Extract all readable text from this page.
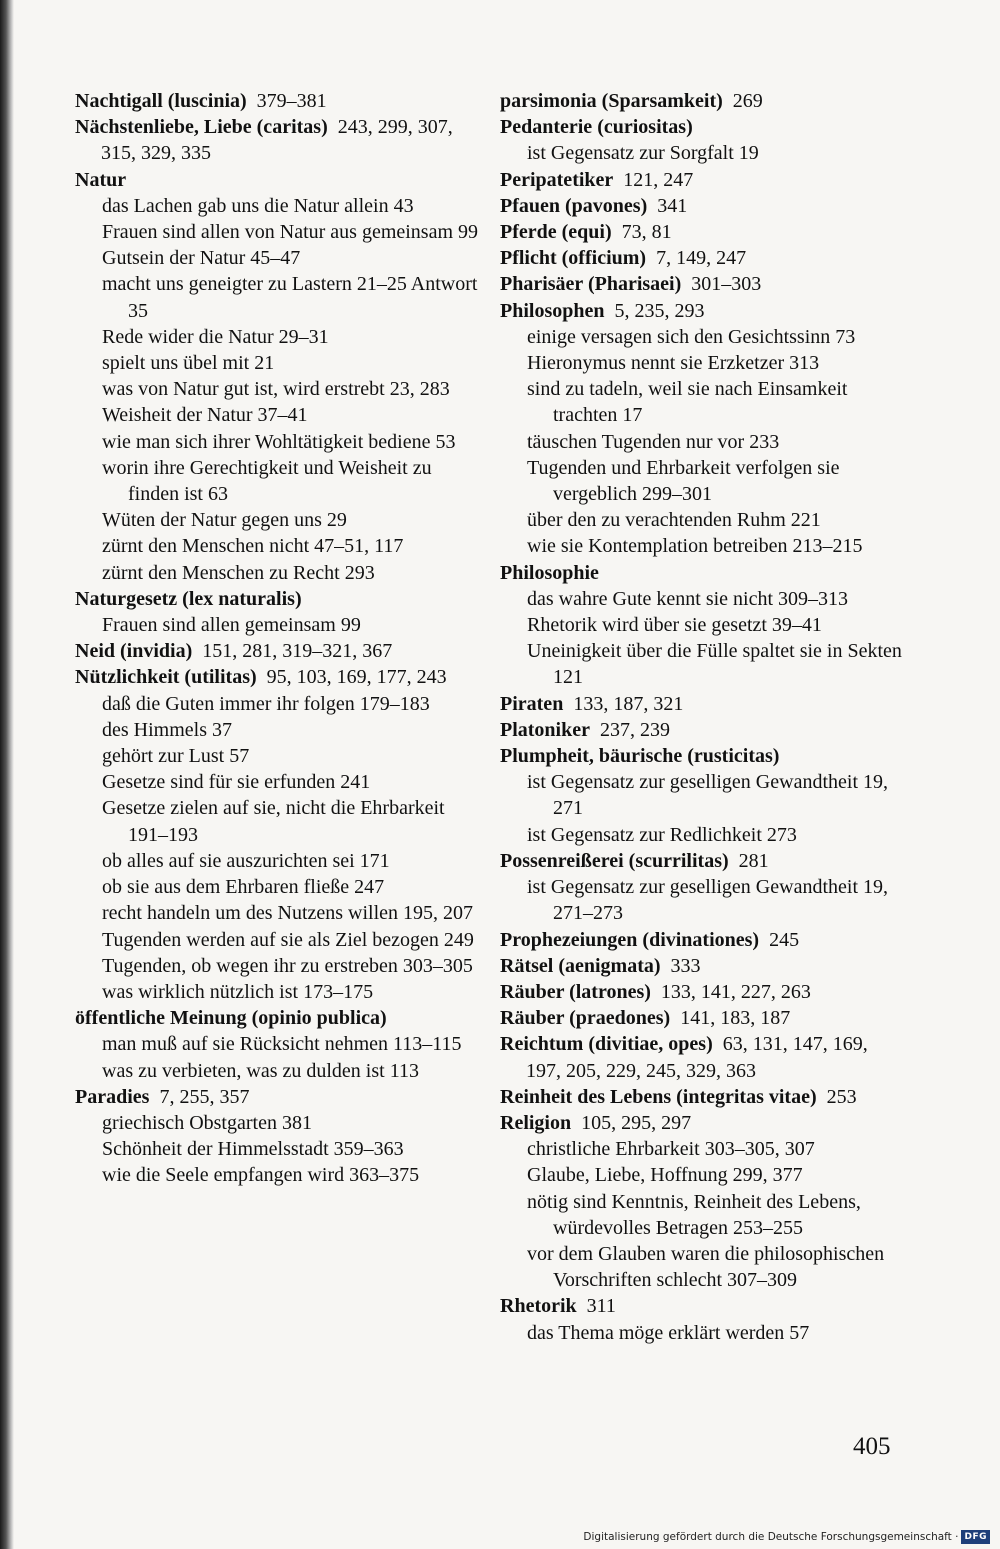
Nachtigall (luscinia) 379–381

Nächstenliebe, Liebe (caritas) 243, 299, 307, 315, 329, 335

Natur

das Lachen gab uns die Natur allein 43

Frauen sind allen von Natur aus gemeinsam 99

Gutsein der Natur 45–47

macht uns geneigter zu Lastern 21–25 Antwort 35

Rede wider die Natur 29–31

spielt uns übel mit 21

was von Natur gut ist, wird erstrebt 23, 283

Weisheit der Natur 37–41

wie man sich ihrer Wohltätigkeit bediene 53

worin ihre Gerechtigkeit und Weisheit zu finden ist 63

Wüten der Natur gegen uns 29

zürnt den Menschen nicht 47–51, 117

zürnt den Menschen zu Recht 293

Naturgesetz (lex naturalis)

Frauen sind allen gemeinsam 99

Neid (invidia) 151, 281, 319–321, 367

Nützlichkeit (utilitas) 95, 103, 169, 177, 243

daß die Guten immer ihr folgen 179–183

des Himmels 37

gehört zur Lust 57

Gesetze sind für sie erfunden 241

Gesetze zielen auf sie, nicht die Ehrbarkeit 191–193

ob alles auf sie auszurichten sei 171

ob sie aus dem Ehrbaren fließe 247

recht handeln um des Nutzens willen 195, 207

Tugenden werden auf sie als Ziel bezogen 249

Tugenden, ob wegen ihr zu erstreben 303–305

was wirklich nützlich ist 173–175

öffentliche Meinung (opinio publica)

man muß auf sie Rücksicht nehmen 113–115

was zu verbieten, was zu dulden ist 113

Paradies 7, 255, 357

griechisch Obstgarten 381

Schönheit der Himmelsstadt 359–363

wie die Seele empfangen wird 363–375

parsimonia (Sparsamkeit) 269

Pedanterie (curiositas)

ist Gegensatz zur Sorgfalt 19

Peripatetiker 121, 247

Pfauen (pavones) 341

Pferde (equi) 73, 81

Pflicht (officium) 7, 149, 247

Pharisäer (Pharisaei) 301–303

Philosophen 5, 235, 293

einige versagen sich den Gesichtssinn 73

Hieronymus nennt sie Erzketzer 313

sind zu tadeln, weil sie nach Einsamkeit trachten 17

täuschen Tugenden nur vor 233

Tugenden und Ehrbarkeit verfolgen sie vergeblich 299–301

über den zu verachtenden Ruhm 221

wie sie Kontemplation betreiben 213–215

Philosophie

das wahre Gute kennt sie nicht 309–313

Rhetorik wird über sie gesetzt 39–41

Uneinigkeit über die Fülle spaltet sie in Sekten 121

Piraten 133, 187, 321

Platoniker 237, 239

Plumpheit, bäurische (rusticitas)

ist Gegensatz zur geselligen Gewandtheit 19, 271

ist Gegensatz zur Redlichkeit 273

Possenreißerei (scurrilitas) 281

ist Gegensatz zur geselligen Gewandtheit 19, 271–273

Prophezeiungen (divinationes) 245

Rätsel (aenigmata) 333

Räuber (latrones) 133, 141, 227, 263

Räuber (praedones) 141, 183, 187

Reichtum (divitiae, opes) 63, 131, 147, 169, 197, 205, 229, 245, 329, 363

Reinheit des Lebens (integritas vitae) 253

Religion 105, 295, 297

christliche Ehrbarkeit 303–305, 307

Glaube, Liebe, Hoffnung 299, 377

nötig sind Kenntnis, Reinheit des Lebens, würdevolles Betragen 253–255

vor dem Glauben waren die philosophischen Vorschriften schlecht 307–309

Rhetorik 311

das Thema möge erklärt werden 57

405
Digitalisierung gefördert durch die Deutsche Forschungsgemeinschaft · DFG
